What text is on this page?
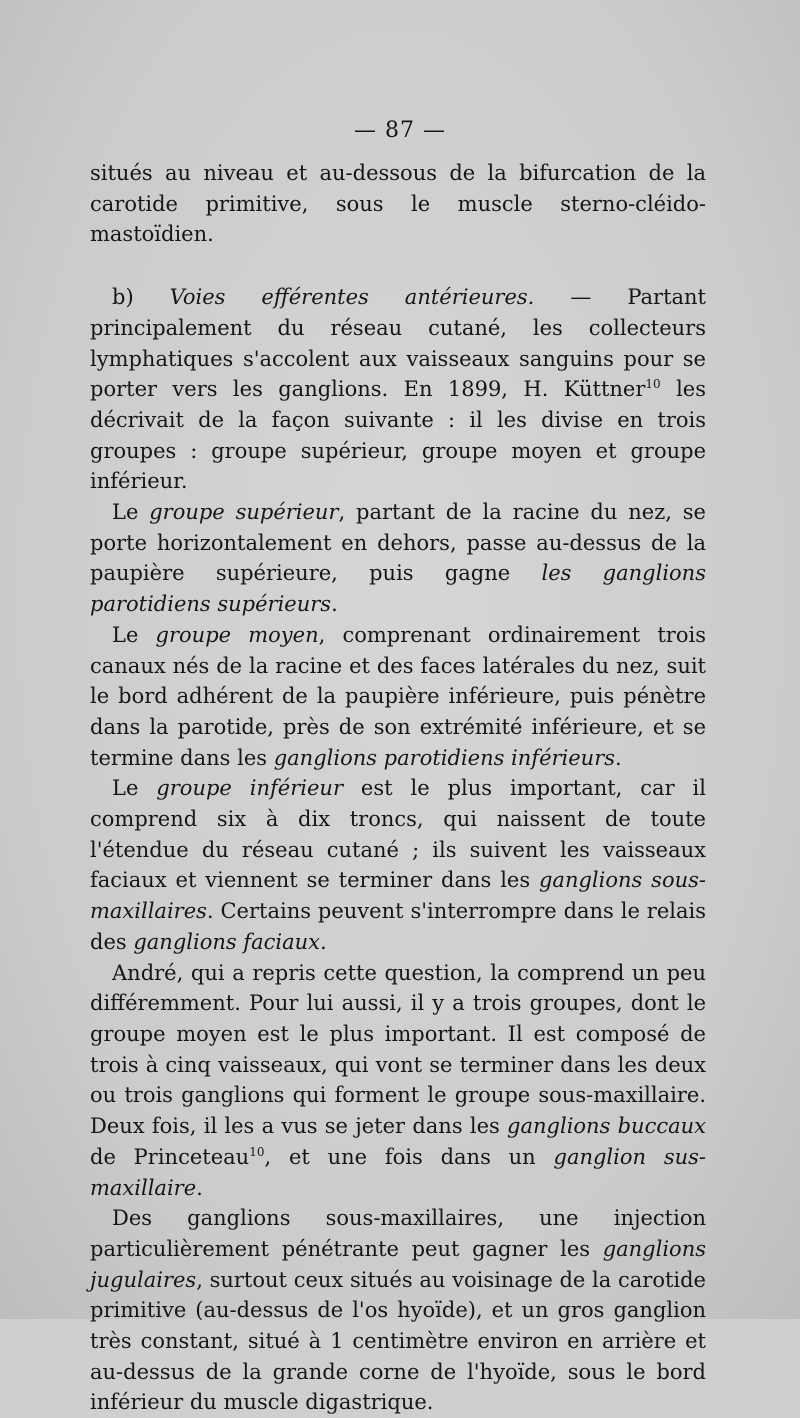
— 87 —

situés au niveau et au-dessous de la bifurcation de la carotide primitive, sous le muscle sterno-cléido-mastoïdien.

b) Voies efférentes antérieures. — Partant principalement du réseau cutané, les collecteurs lymphatiques s'accolent aux vaisseaux sanguins pour se porter vers les ganglions. En 1899, H. Küttner$^{10}$ les décrivait de la façon suivante : il les divise en trois groupes : groupe supérieur, groupe moyen et groupe inférieur.

Le groupe supérieur, partant de la racine du nez, se porte horizontalement en dehors, passe au-dessus de la paupière supérieure, puis gagne les ganglions parotidiens supérieurs.

Le groupe moyen, comprenant ordinairement trois canaux nés de la racine et des faces latérales du nez, suit le bord adhérent de la paupière inférieure, puis pénètre dans la parotide, près de son extrémité inférieure, et se termine dans les ganglions parotidiens inférieurs.

Le groupe inférieur est le plus important, car il comprend six à dix troncs, qui naissent de toute l'étendue du réseau cutané ; ils suivent les vaisseaux faciaux et viennent se terminer dans les ganglions sous-maxillaires. Certains peuvent s'interrompre dans le relais des ganglions faciaux.

André, qui a repris cette question, la comprend un peu différemment. Pour lui aussi, il y a trois groupes, dont le groupe moyen est le plus important. Il est composé de trois à cinq vaisseaux, qui vont se terminer dans les deux ou trois ganglions qui forment le groupe sous-maxillaire. Deux fois, il les a vus se jeter dans les ganglions buccaux de Princeteau$^{10}$, et une fois dans un ganglion sus-maxillaire.

Des ganglions sous-maxillaires, une injection particulièrement pénétrante peut gagner les ganglions jugulaires, surtout ceux situés au voisinage de la carotide primitive (au-dessus de l'os hyoïde), et un gros ganglion très constant, situé à 1 centimètre environ en arrière et au-dessus de la grande corne de l'hyoïde, sous le bord inférieur du muscle digastrique.
